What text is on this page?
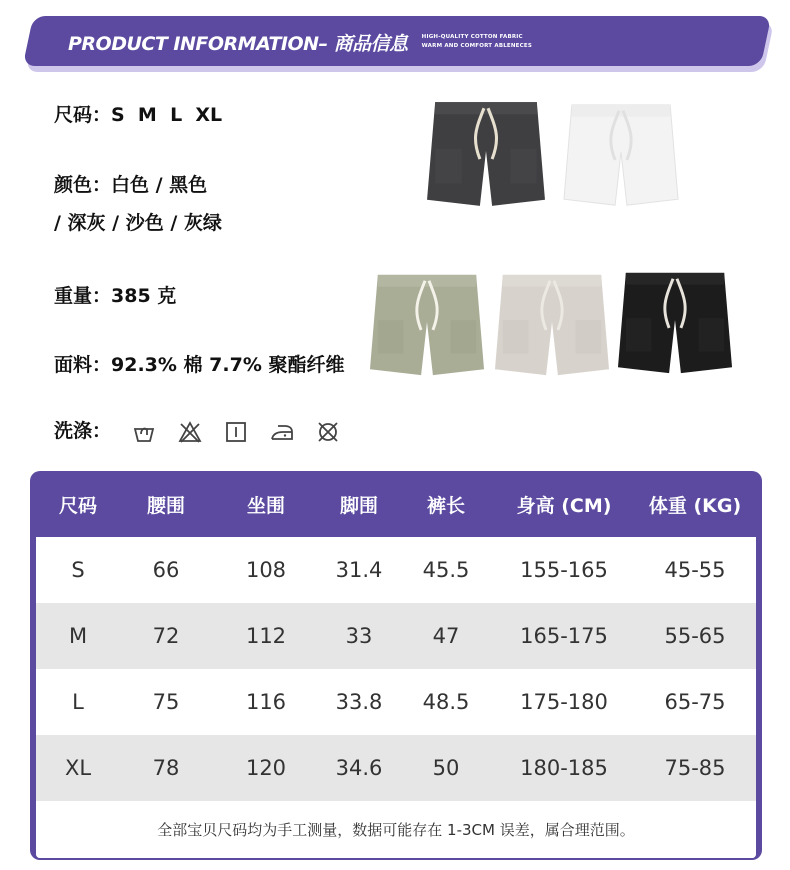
PRODUCT INFORMATION– 商品信息	HIGH-QUALITY COTTON FABRIC
WARM AND COMFORT ABLENECES
尺码：S  M  L  XL
颜色：白色 / 黑色
/ 深灰 / 沙色 / 灰绿
重量：385 克
面料：92.3% 棉 7.7% 聚酯纤维
洗涤：
尺码	腰围	坐围	脚围	裤长	身高 (CM)	体重 (KG)
S	66	108	31.4	45.5	155-165	45-55
M	72	112	33	47	165-175	55-65
L	75	116	33.8	48.5	175-180	65-75
XL	78	120	34.6	50	180-185	75-85
全部宝贝尺码均为手工测量，数据可能存在 1-3CM 误差，属合理范围。
